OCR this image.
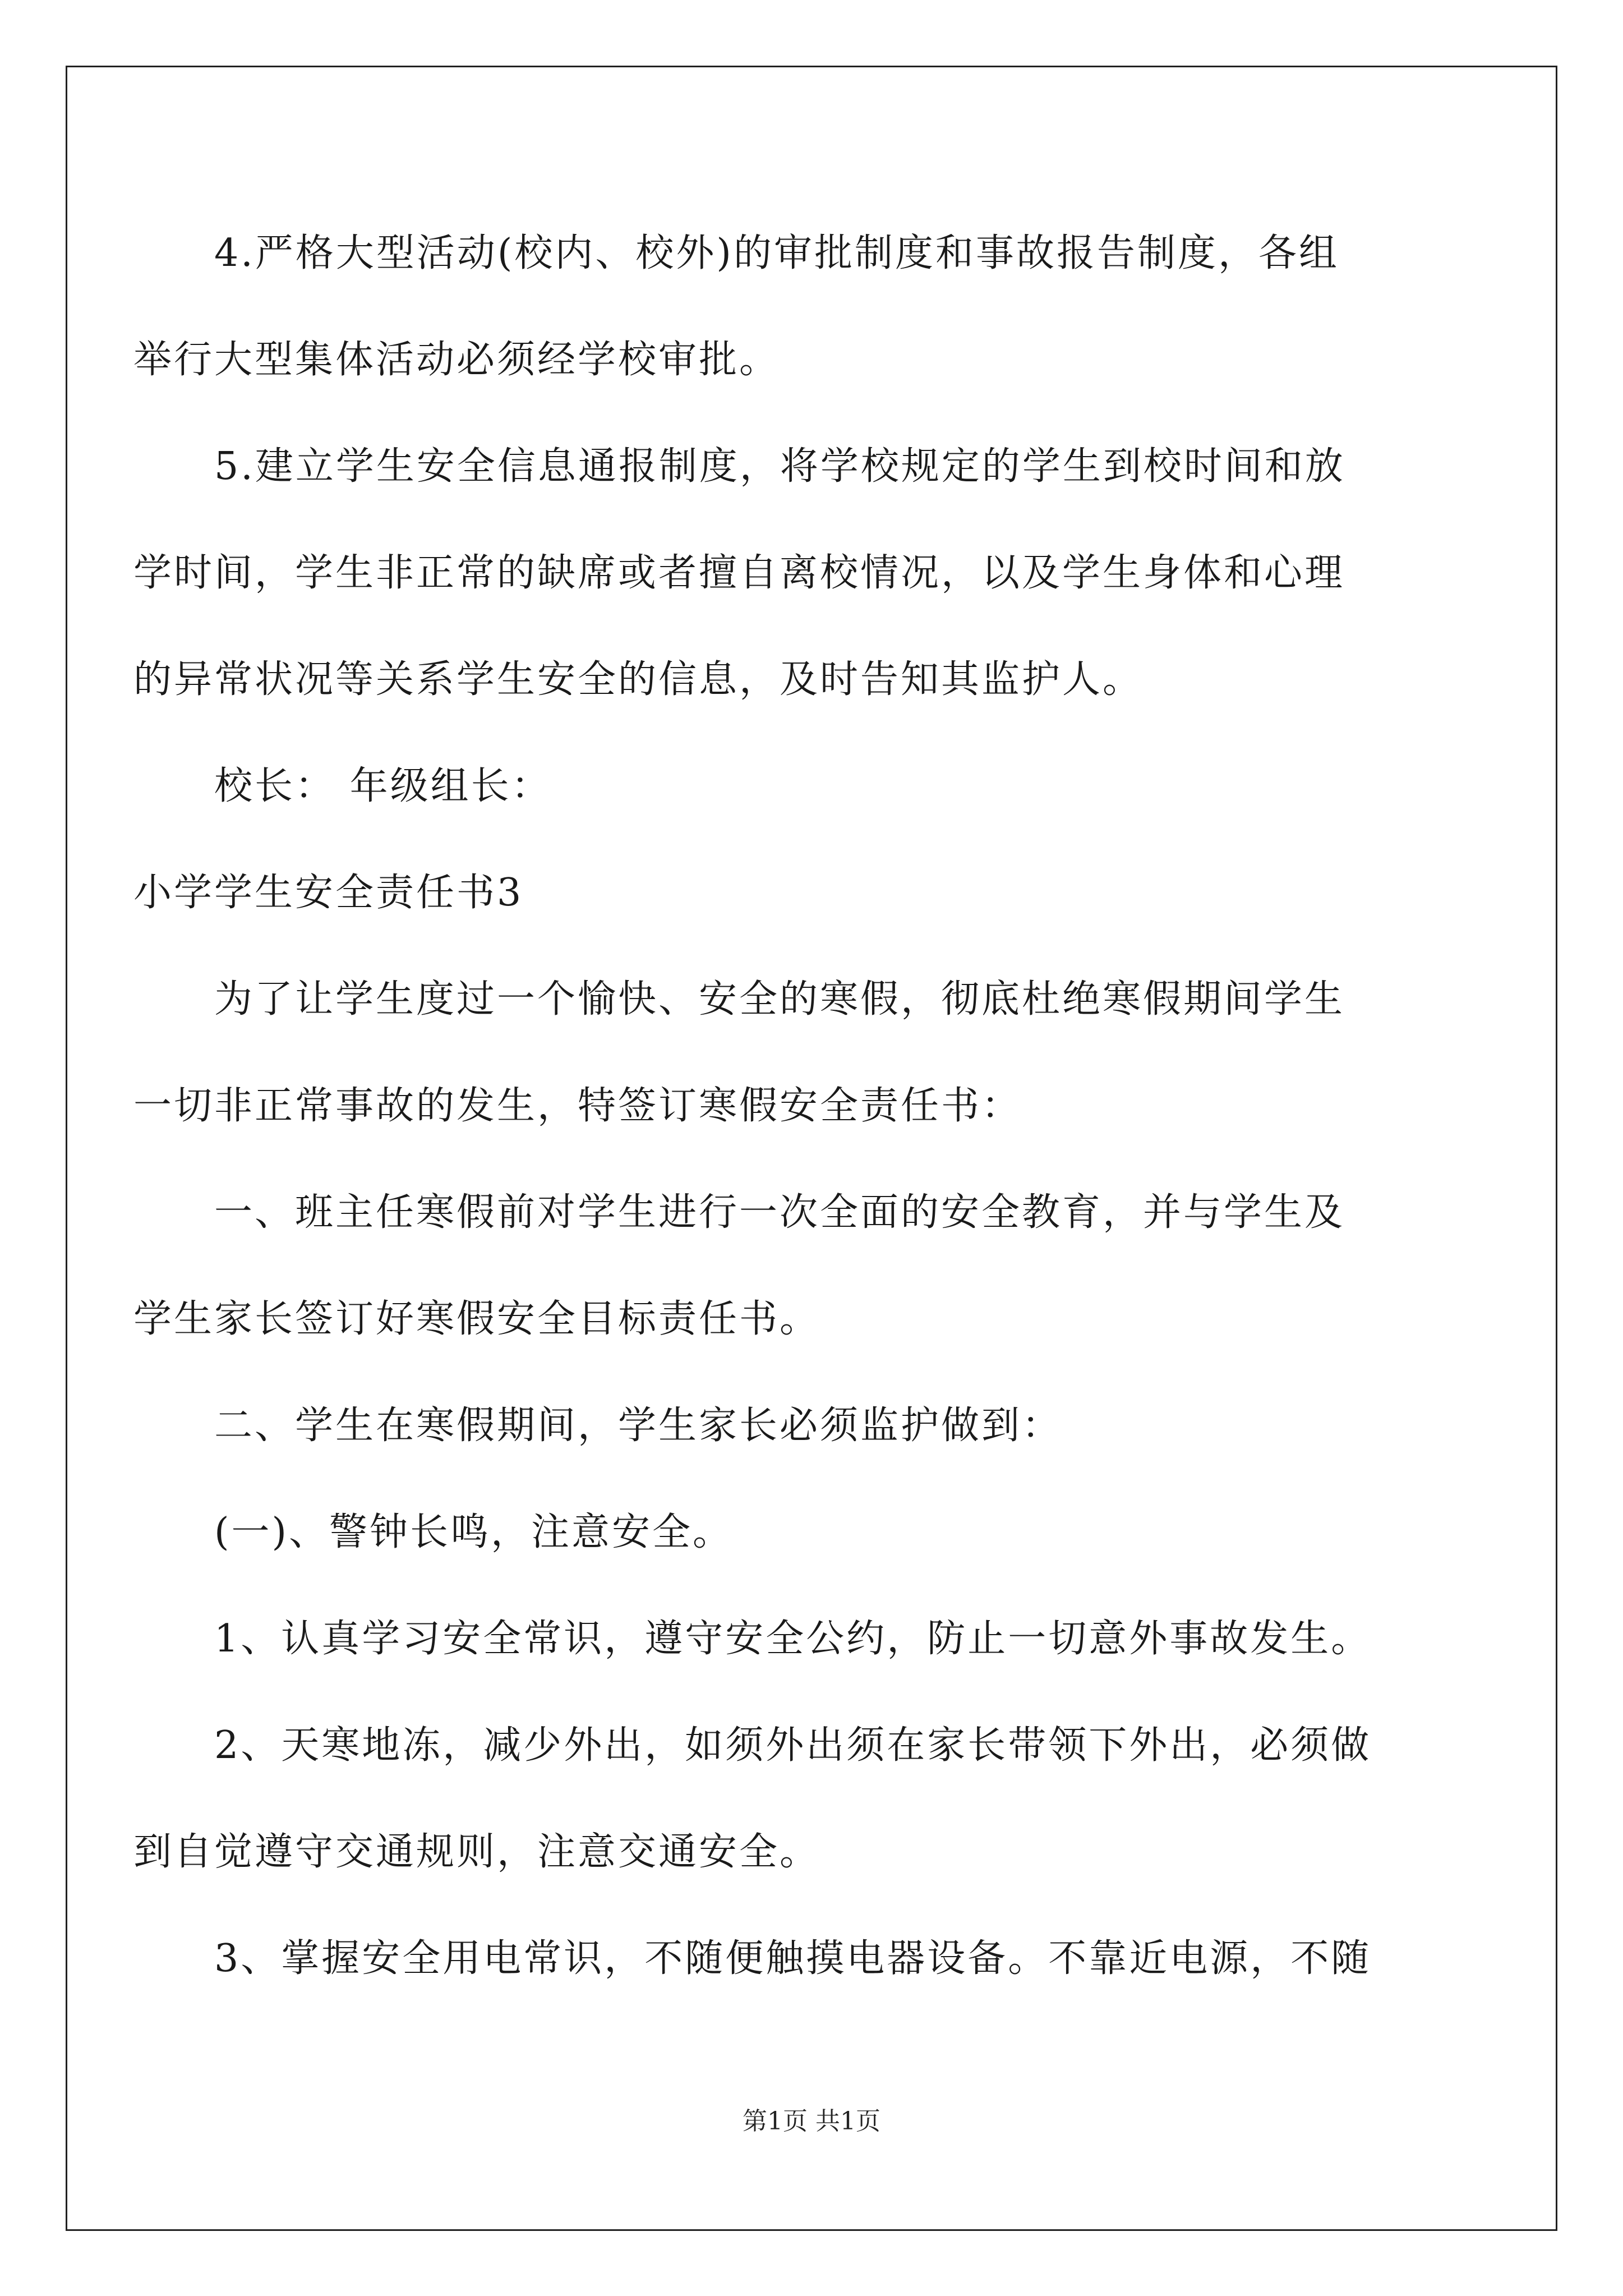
4.严格大型活动(校内、校外)的审批制度和事故报告制度，各组
举行大型集体活动必须经学校审批。
5.建立学生安全信息通报制度，将学校规定的学生到校时间和放
学时间，学生非正常的缺席或者擅自离校情况，以及学生身体和心理
的异常状况等关系学生安全的信息，及时告知其监护人。
校长： 年级组长：
小学学生安全责任书3
为了让学生度过一个愉快、安全的寒假，彻底杜绝寒假期间学生
一切非正常事故的发生，特签订寒假安全责任书：
一、班主任寒假前对学生进行一次全面的安全教育，并与学生及
学生家长签订好寒假安全目标责任书。
二、学生在寒假期间，学生家长必须监护做到：
(一)、警钟长鸣，注意安全。
1、认真学习安全常识，遵守安全公约，防止一切意外事故发生。
2、天寒地冻，减少外出，如须外出须在家长带领下外出，必须做
到自觉遵守交通规则，注意交通安全。
3、掌握安全用电常识，不随便触摸电器设备。不靠近电源，不随
第1页 共1页
